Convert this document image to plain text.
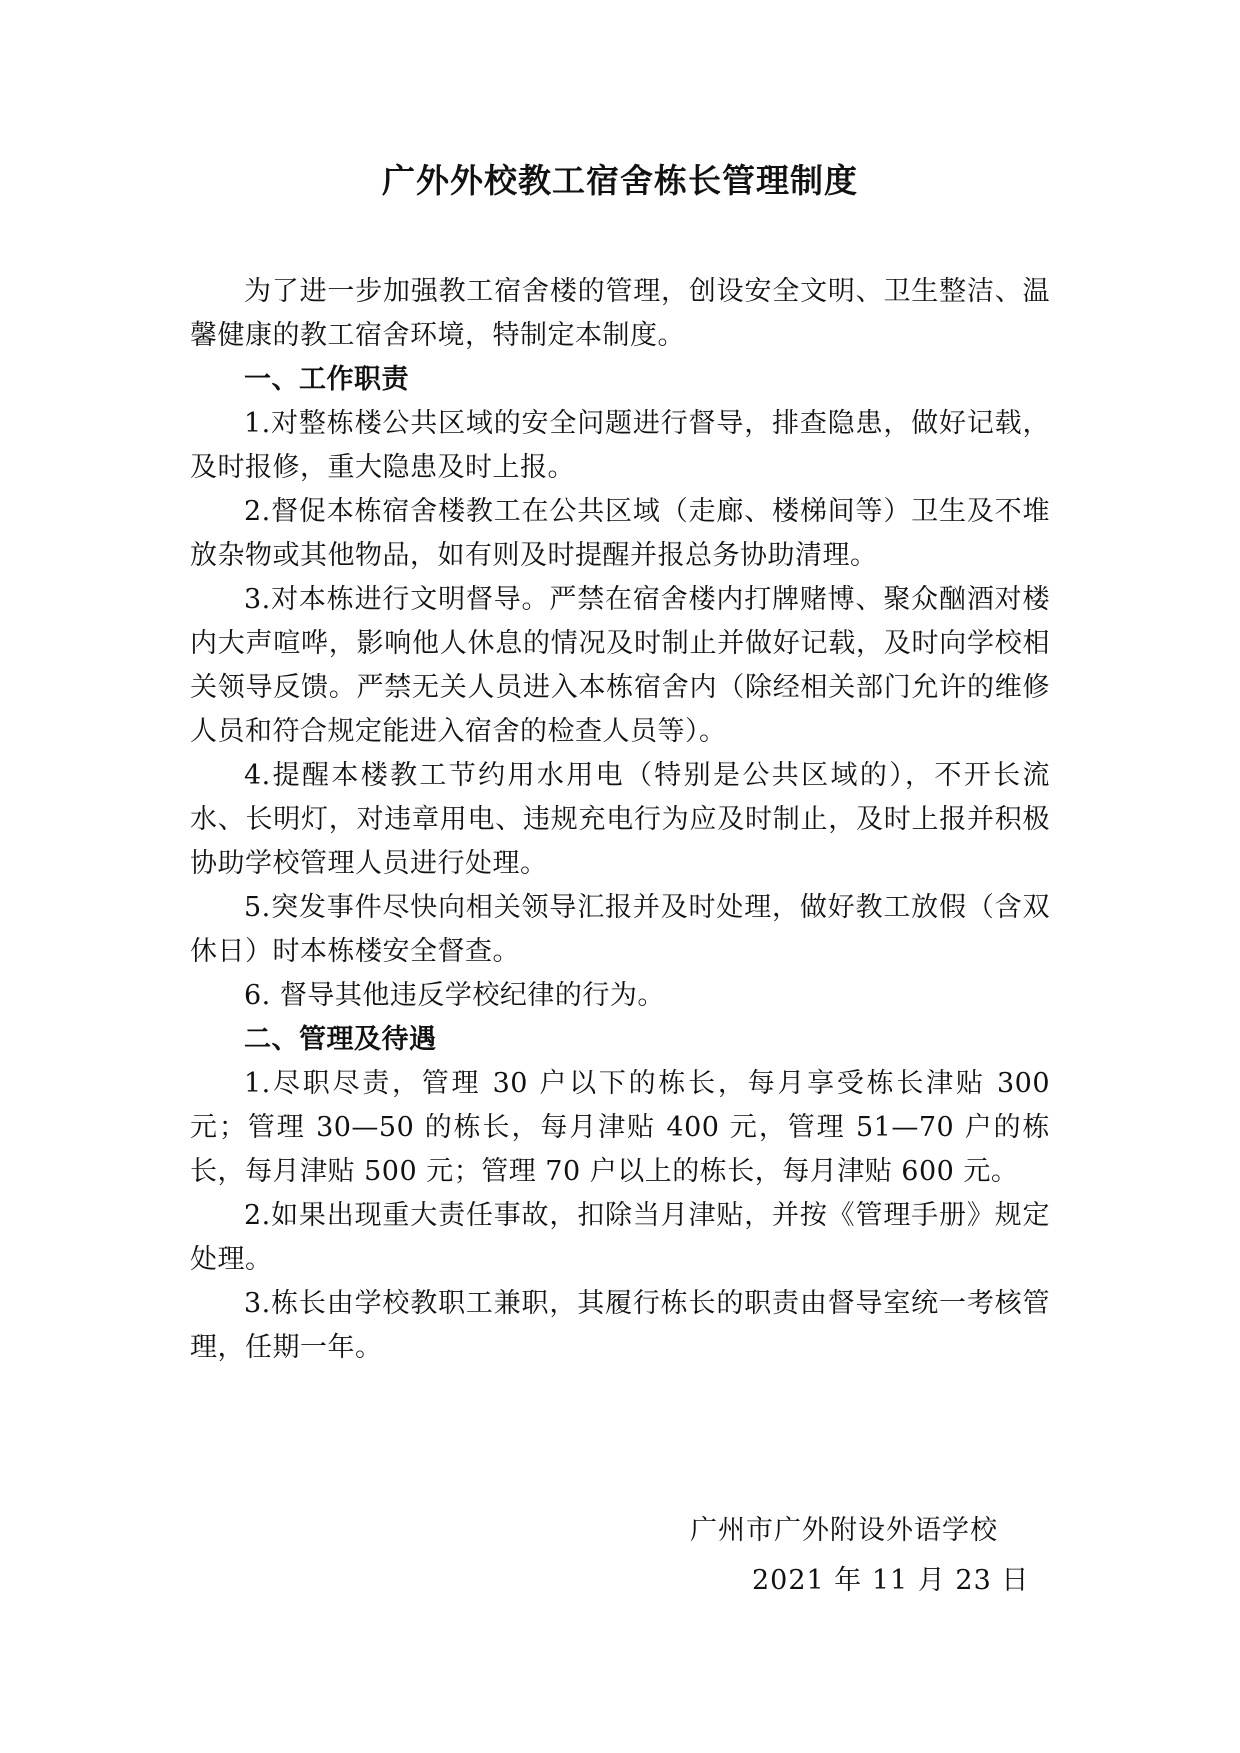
广外外校教工宿舍栋长管理制度

为了进一步加强教工宿舍楼的管理，创设安全文明、卫生整洁、温馨健康的教工宿舍环境，特制定本制度。

一、工作职责

1.对整栋楼公共区域的安全问题进行督导，排查隐患，做好记载，及时报修，重大隐患及时上报。

2.督促本栋宿舍楼教工在公共区域（走廊、楼梯间等）卫生及不堆放杂物或其他物品，如有则及时提醒并报总务协助清理。

3.对本栋进行文明督导。严禁在宿舍楼内打牌赌博、聚众酗酒对楼内大声喧哗，影响他人休息的情况及时制止并做好记载，及时向学校相关领导反馈。严禁无关人员进入本栋宿舍内（除经相关部门允许的维修人员和符合规定能进入宿舍的检查人员等）。

4.提醒本楼教工节约用水用电（特别是公共区域的），不开长流水、长明灯，对违章用电、违规充电行为应及时制止，及时上报并积极协助学校管理人员进行处理。

5.突发事件尽快向相关领导汇报并及时处理，做好教工放假（含双休日）时本栋楼安全督查。

6. 督导其他违反学校纪律的行为。

二、管理及待遇

1.尽职尽责，管理 30 户以下的栋长，每月享受栋长津贴 300 元；管理 30—50 的栋长，每月津贴 400 元，管理 51—70 户的栋长，每月津贴 500 元；管理 70 户以上的栋长，每月津贴 600 元。

2.如果出现重大责任事故，扣除当月津贴，并按《管理手册》规定处理。

3.栋长由学校教职工兼职，其履行栋长的职责由督导室统一考核管理，任期一年。

广州市广外附设外语学校
2021 年 11 月 23 日
